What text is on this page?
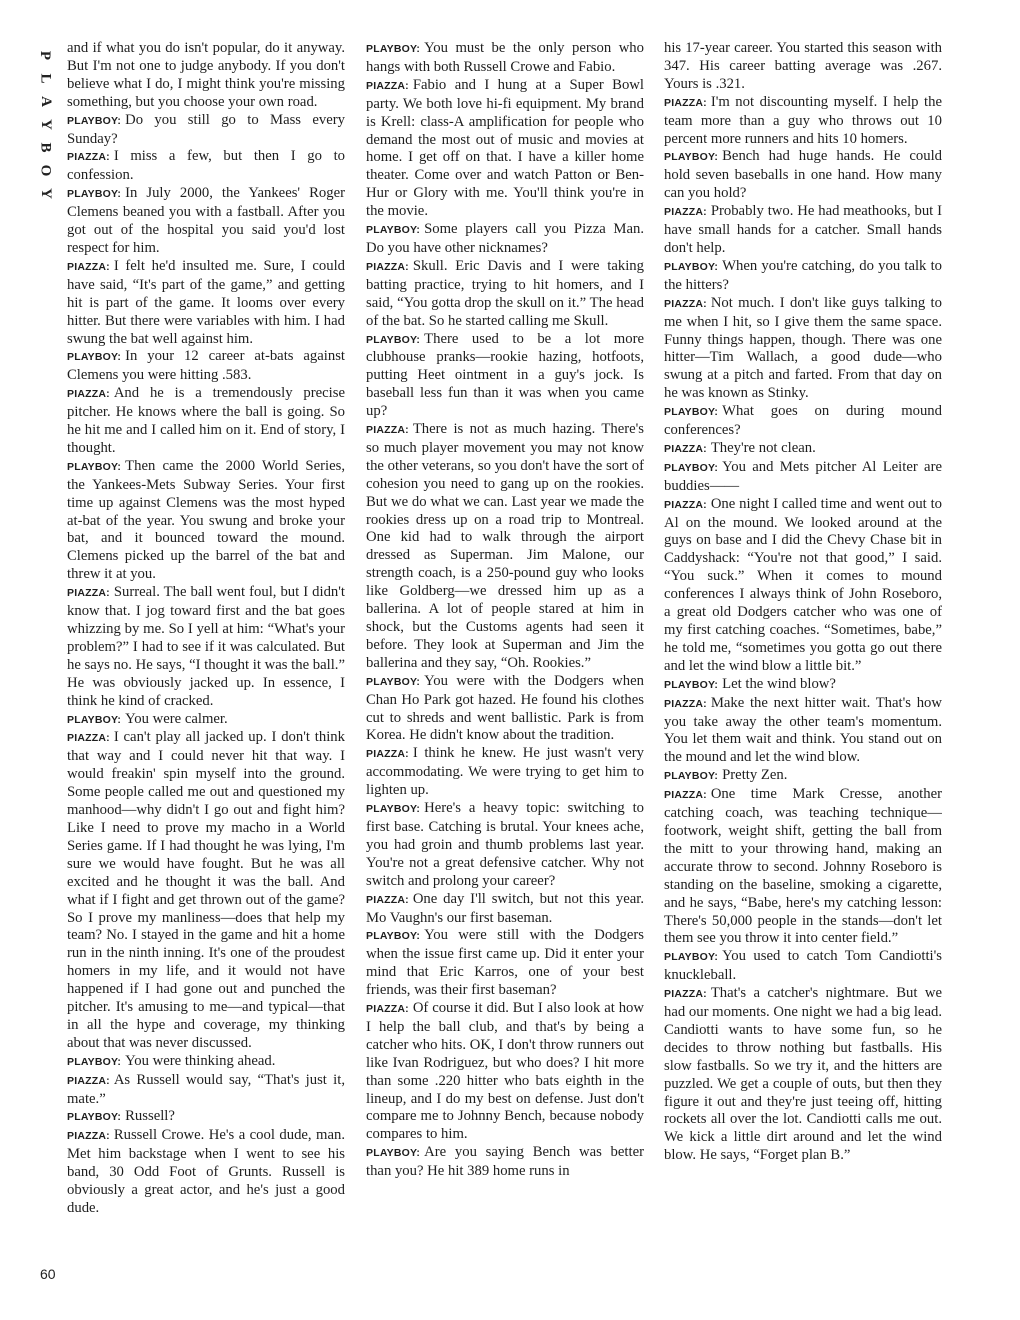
P
L
A
Y
B
O
Y

and if what you do isn't popular, do it anyway. But I'm not one to judge anybody. If you don't believe what I do, I might think you're missing something, but you choose your own road.

PLAYBOY: Do you still go to Mass every Sunday?

PIAZZA: I miss a few, but then I go to confession.

PLAYBOY: In July 2000, the Yankees' Roger Clemens beaned you with a fastball. After you got out of the hospital you said you'd lost respect for him.

PIAZZA: I felt he'd insulted me. Sure, I could have said, “It's part of the game,” and getting hit is part of the game. It looms over every hitter. But there were variables with him. I had swung the bat well against him.

PLAYBOY: In your 12 career at-bats against Clemens you were hitting .583.

PIAZZA: And he is a tremendously precise pitcher. He knows where the ball is going. So he hit me and I called him on it. End of story, I thought.

PLAYBOY: Then came the 2000 World Series, the Yankees-Mets Subway Series. Your first time up against Clemens was the most hyped at-bat of the year. You swung and broke your bat, and it bounced toward the mound. Clemens picked up the barrel of the bat and threw it at you.

PIAZZA: Surreal. The ball went foul, but I didn't know that. I jog toward first and the bat goes whizzing by me. So I yell at him: “What's your problem?” I had to see if it was calculated. But he says no. He says, “I thought it was the ball.” He was obviously jacked up. In essence, I think he kind of cracked.

PLAYBOY: You were calmer.

PIAZZA: I can't play all jacked up. I don't think that way and I could never hit that way. I would freakin' spin myself into the ground. Some people called me out and questioned my manhood—why didn't I go out and fight him? Like I need to prove my macho in a World Series game. If I had thought he was lying, I'm sure we would have fought. But he was all excited and he thought it was the ball. And what if I fight and get thrown out of the game? So I prove my manliness—does that help my team? No. I stayed in the game and hit a home run in the ninth inning. It's one of the proudest homers in my life, and it would not have happened if I had gone out and punched the pitcher. It's amusing to me—and typical—that in all the hype and coverage, my thinking about that was never discussed.

PLAYBOY: You were thinking ahead.

PIAZZA: As Russell would say, “That's just it, mate.”

PLAYBOY: Russell?

PIAZZA: Russell Crowe. He's a cool dude, man. Met him backstage when I went to see his band, 30 Odd Foot of Grunts. Russell is obviously a great actor, and he's just a good dude.

PLAYBOY: You must be the only person who hangs with both Russell Crowe and Fabio.

PIAZZA: Fabio and I hung at a Super Bowl party. We both love hi-fi equipment. My brand is Krell: class-A amplification for people who demand the most out of music and movies at home. I get off on that. I have a killer home theater. Come over and watch Patton or Ben-Hur or Glory with me. You'll think you're in the movie.

PLAYBOY: Some players call you Pizza Man. Do you have other nicknames?

PIAZZA: Skull. Eric Davis and I were taking batting practice, trying to hit homers, and I said, “You gotta drop the skull on it.” The head of the bat. So he started calling me Skull.

PLAYBOY: There used to be a lot more clubhouse pranks—rookie hazing, hotfoots, putting Heet ointment in a guy's jock. Is baseball less fun than it was when you came up?

PIAZZA: There is not as much hazing. There's so much player movement you may not know the other veterans, so you don't have the sort of cohesion you need to gang up on the rookies. But we do what we can. Last year we made the rookies dress up on a road trip to Montreal. One kid had to walk through the airport dressed as Superman. Jim Malone, our strength coach, is a 250-pound guy who looks like Goldberg—we dressed him up as a ballerina. A lot of people stared at him in shock, but the Customs agents had seen it before. They look at Superman and Jim the ballerina and they say, “Oh. Rookies.”

PLAYBOY: You were with the Dodgers when Chan Ho Park got hazed. He found his clothes cut to shreds and went ballistic. Park is from Korea. He didn't know about the tradition.

PIAZZA: I think he knew. He just wasn't very accommodating. We were trying to get him to lighten up.

PLAYBOY: Here's a heavy topic: switching to first base. Catching is brutal. Your knees ache, you had groin and thumb problems last year. You're not a great defensive catcher. Why not switch and prolong your career?

PIAZZA: One day I'll switch, but not this year. Mo Vaughn's our first baseman.

PLAYBOY: You were still with the Dodgers when the issue first came up. Did it enter your mind that Eric Karros, one of your best friends, was their first baseman?

PIAZZA: Of course it did. But I also look at how I help the ball club, and that's by being a catcher who hits. OK, I don't throw runners out like Ivan Rodriguez, but who does? I hit more than some .220 hitter who bats eighth in the lineup, and I do my best on defense. Just don't compare me to Johnny Bench, because nobody compares to him.

PLAYBOY: Are you saying Bench was better than you? He hit 389 home runs in

his 17-year career. You started this season with 347. His career batting average was .267. Yours is .321.

PIAZZA: I'm not discounting myself. I help the team more than a guy who throws out 10 percent more runners and hits 10 homers.

PLAYBOY: Bench had huge hands. He could hold seven baseballs in one hand. How many can you hold?

PIAZZA: Probably two. He had meathooks, but I have small hands for a catcher. Small hands don't help.

PLAYBOY: When you're catching, do you talk to the hitters?

PIAZZA: Not much. I don't like guys talking to me when I hit, so I give them the same space. Funny things happen, though. There was one hitter—Tim Wallach, a good dude—who swung at a pitch and farted. From that day on he was known as Stinky.

PLAYBOY: What goes on during mound conferences?

PIAZZA: They're not clean.

PLAYBOY: You and Mets pitcher Al Leiter are buddies——

PIAZZA: One night I called time and went out to Al on the mound. We looked around at the guys on base and I did the Chevy Chase bit in Caddyshack: “You're not that good,” I said. “You suck.” When it comes to mound conferences I always think of John Roseboro, a great old Dodgers catcher who was one of my first catching coaches. “Sometimes, babe,” he told me, “sometimes you gotta go out there and let the wind blow a little bit.”

PLAYBOY: Let the wind blow?

PIAZZA: Make the next hitter wait. That's how you take away the other team's momentum. You let them wait and think. You stand out on the mound and let the wind blow.

PLAYBOY: Pretty Zen.

PIAZZA: One time Mark Cresse, another catching coach, was teaching technique—footwork, weight shift, getting the ball from the mitt to your throwing hand, making an accurate throw to second. Johnny Roseboro is standing on the baseline, smoking a cigarette, and he says, “Babe, here's my catching lesson: There's 50,000 people in the stands—don't let them see you throw it into center field.”

PLAYBOY: You used to catch Tom Candiotti's knuckleball.

PIAZZA: That's a catcher's nightmare. But we had our moments. One night we had a big lead. Candiotti wants to have some fun, so he decides to throw nothing but fastballs. His slow fastballs. So we try it, and the hitters are puzzled. We get a couple of outs, but then they figure it out and they're just teeing off, hitting rockets all over the lot. Candiotti calls me out. We kick a little dirt around and let the wind blow. He says, “Forget plan B.”

60
